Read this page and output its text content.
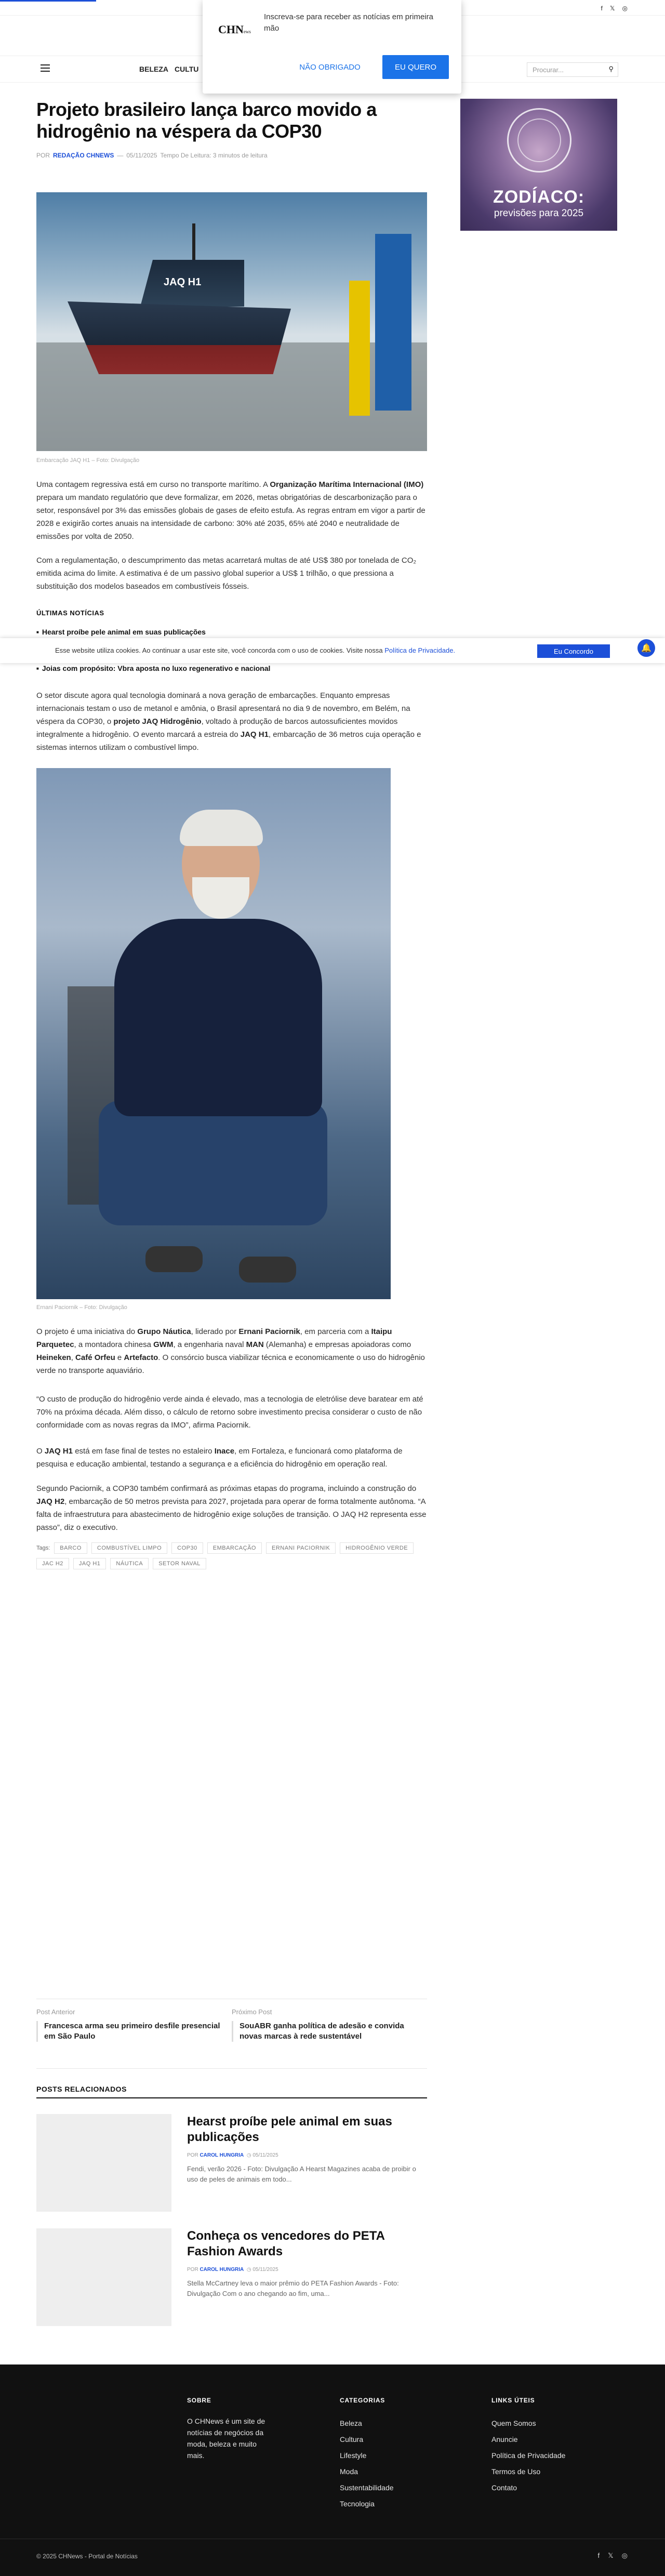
f 𝕏 ◎
CHNews
Inscreva-se para receber as notícias em primeira mão
NÃO OBRIGADO	EU QUERO
BELEZA CULTU	Procurar...	⚲
Projeto brasileiro lança barco movido a hidrogênio na véspera da COP30
POR REDAÇÃO CHNEWS — 05/11/2025 Tempo De Leitura: 3 minutos de leitura
JAQ H1
Embarcação JAQ H1 – Foto: Divulgação
Uma contagem regressiva está em curso no transporte marítimo. A Organização Marítima Internacional (IMO) prepara um mandato regulatório que deve formalizar, em 2026, metas obrigatórias de descarbonização para o setor, responsável por 3% das emissões globais de gases de efeito estufa. As regras entram em vigor a partir de 2028 e exigirão cortes anuais na intensidade de carbono: 30% até 2035, 65% até 2040 e neutralidade de emissões por volta de 2050.
Com a regulamentação, o descumprimento das metas acarretará multas de até US$ 380 por tonelada de CO₂ emitida acima do limite. A estimativa é de um passivo global superior a US$ 1 trilhão, o que pressiona a substituição dos modelos baseados em combustíveis fósseis.
ÚLTIMAS NOTÍCIAS
■ Hearst proíbe pele animal em suas publicações
■
■ Joias com propósito: Vbra aposta no luxo regenerativo e nacional
Esse website utiliza cookies. Ao continuar a usar este site, você concorda com o uso de cookies. Visite nossa Política de Privacidade.	Eu Concordo	🔔
O setor discute agora qual tecnologia dominará a nova geração de embarcações. Enquanto empresas internacionais testam o uso de metanol e amônia, o Brasil apresentará no dia 9 de novembro, em Belém, na véspera da COP30, o projeto JAQ Hidrogênio, voltado à produção de barcos autossuficientes movidos integralmente a hidrogênio. O evento marcará a estreia do JAQ H1, embarcação de 36 metros cuja operação e sistemas internos utilizam o combustível limpo.
Ernani Paciornik – Foto: Divulgação
O projeto é uma iniciativa do Grupo Náutica, liderado por Ernani Paciornik, em parceria com a Itaipu Parquetec, a montadora chinesa GWM, a engenharia naval MAN (Alemanha) e empresas apoiadoras como Heineken, Café Orfeu e Artefacto. O consórcio busca viabilizar técnica e economicamente o uso do hidrogênio verde no transporte aquaviário.
“O custo de produção do hidrogênio verde ainda é elevado, mas a tecnologia de eletrólise deve baratear em até 70% na próxima década. Além disso, o cálculo de retorno sobre investimento precisa considerar o custo de não conformidade com as novas regras da IMO”, afirma Paciornik.
O JAQ H1 está em fase final de testes no estaleiro Inace, em Fortaleza, e funcionará como plataforma de pesquisa e educação ambiental, testando a segurança e a eficiência do hidrogênio em operação real.
Segundo Paciornik, a COP30 também confirmará as próximas etapas do programa, incluindo a construção do JAQ H2, embarcação de 50 metros prevista para 2027, projetada para operar de forma totalmente autônoma. “A falta de infraestrutura para abastecimento de hidrogênio exige soluções de transição. O JAQ H2 representa esse passo”, diz o executivo.
Tags:	BARCO	COMBUSTÍVEL LIMPO	COP30	EMBARCAÇÃO	ERNANI PACIORNIK	HIDROGÊNIO VERDE
JAC H2	JAQ H1	NÁUTICA	SETOR NAVAL
Post Anterior
Francesca arma seu primeiro desfile presencial em São Paulo
Próximo Post
SouABR ganha política de adesão e convida novas marcas à rede sustentável
POSTS RELACIONADOS
Hearst proíbe pele animal em suas publicações
POR CAROL HUNGRIA  ◷ 05/11/2025
Fendi, verão 2026 - Foto: Divulgação A Hearst Magazines acaba de proibir o uso de peles de animais em todo...
Conheça os vencedores do PETA Fashion Awards
POR CAROL HUNGRIA  ◷ 05/11/2025
Stella McCartney leva o maior prêmio do PETA Fashion Awards - Foto: Divulgação Com o ano chegando ao fim, uma...
ZODÍACO:
previsões para 2025
SOBRE
O CHNews é um site de notícias de negócios da moda, beleza e muito mais.
CATEGORIAS
Beleza
Cultura
Lifestyle
Moda
Sustentabilidade
Tecnologia
LINKS ÚTEIS
Quem Somos
Anuncie
Política de Privacidade
Termos de Uso
Contato
© 2025 CHNews - Portal de Notícias	f 𝕏 ◎
